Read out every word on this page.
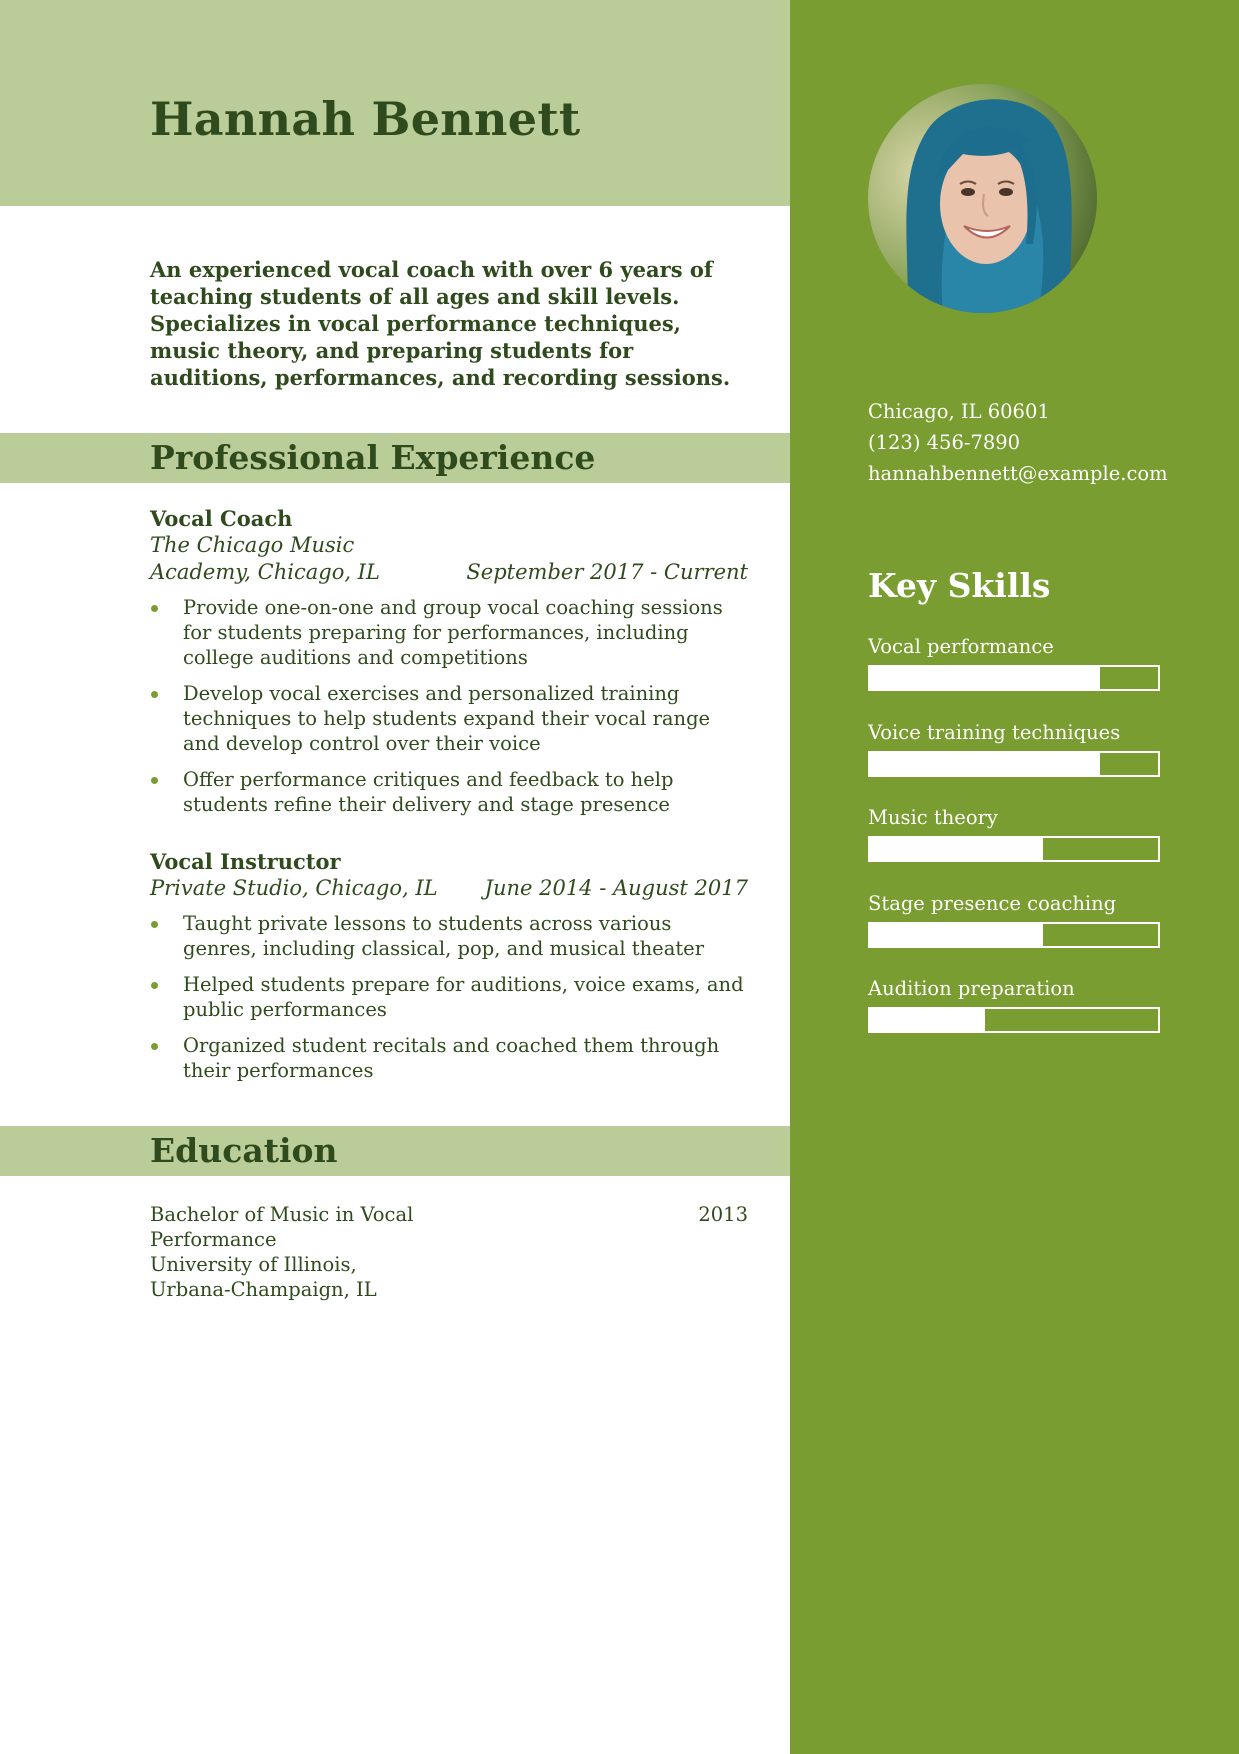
Hannah Bennett

An experienced vocal coach with over 6 years of teaching students of all ages and skill levels. Specializes in vocal performance techniques, music theory, and preparing students for auditions, performances, and recording sessions.

Professional Experience
Vocal Coach
The Chicago Music Academy, Chicago, IL	September 2017 - Current
Provide one-on-one and group vocal coaching sessions for students preparing for performances, including college auditions and competitions
Develop vocal exercises and personalized training techniques to help students expand their vocal range and develop control over their voice
Offer performance critiques and feedback to help students refine their delivery and stage presence
Vocal Instructor
Private Studio, Chicago, IL June 2014 - August 2017
Taught private lessons to students across various genres, including classical, pop, and musical theater
Helped students prepare for auditions, voice exams, and public performances
Organized student recitals and coached them through their performances
Education
Bachelor of Music in Vocal Performance
University of Illinois, Urbana-Champaign, IL
2013
Chicago, IL 60601
(123) 456-7890
hannahbennett@example.com
Key Skills
Vocal performance
Voice training techniques
Music theory
Stage presence coaching
Audition preparation
